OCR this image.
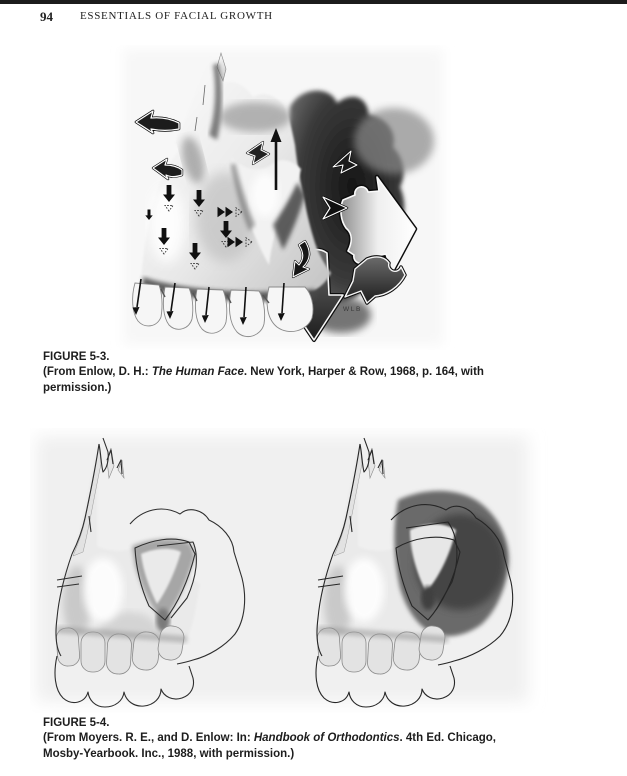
94 ESSENTIALS OF FACIAL GROWTH
WLB
FIGURE 5-3.
(From Enlow, D. H.: The Human Face. New York, Harper & Row, 1968, p. 164, with
permission.)
FIGURE 5-4.
(From Moyers. R. E., and D. Enlow: In: Handbook of Orthodontics. 4th Ed. Chicago,
Mosby-Yearbook. Inc., 1988, with permission.)
